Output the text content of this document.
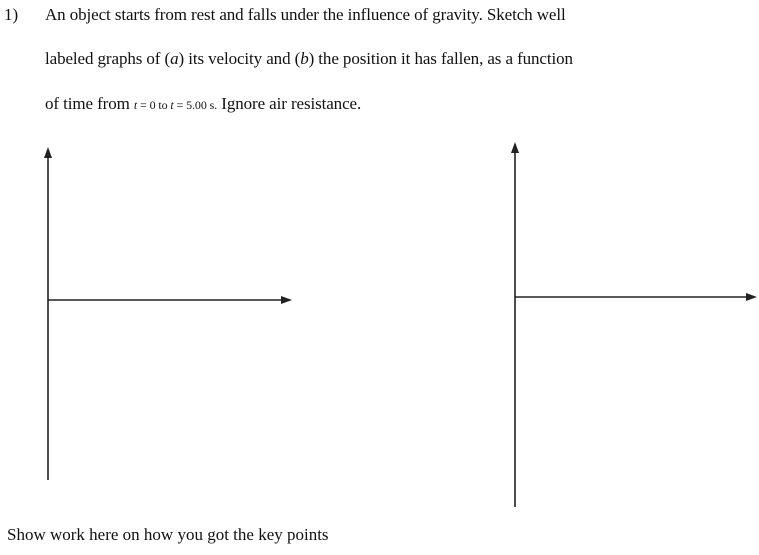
1) An object starts from rest and falls under the influence of gravity. Sketch well
labeled graphs of (a) its velocity and (b) the position it has fallen, as a function
of time from t = 0 to t = 5.00 s. Ignore air resistance.
Show work here on how you got the key points
